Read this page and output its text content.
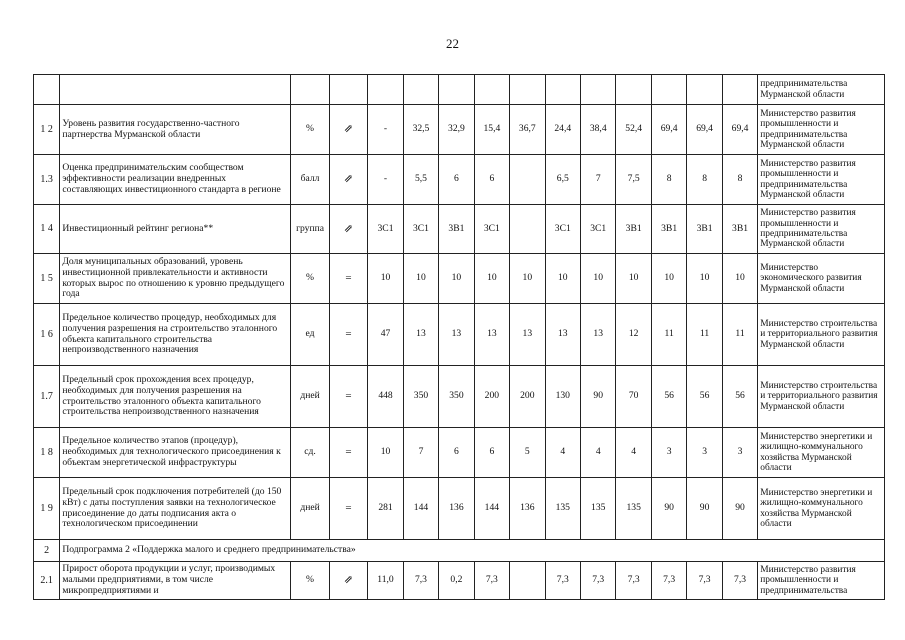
22
															предпринимательства Мурманской области
1 2	Уровень развития государственно-частного партнерства Мурманской области	%	⇗	-	32,5	32,9	15,4	36,7	24,4	38,4	52,4	69,4	69,4	69,4	Министерство развития промышленности и предпринимательства Мурманской области
1.3	Оценка предпринимательским сообществом эффективности реализации внедренных составляющих инвестиционного стандарта в регионе	балл	⇗	-	5,5	6	6		6,5	7	7,5	8	8	8	Министерство развития промышленности и предпринимательства Мурманской области
1 4	Инвестиционный рейтинг региона**	группа	⇗	3С1	3С1	3В1	3С1		3С1	3С1	3В1	3В1	3В1	3В1	Министерство развития промышленности и предпринимательства Мурманской области
1 5	Доля муниципальных образований, уровень инвестиционной привлекательности и активности которых вырос по отношению к уровню предыдущего года	%	=	10	10	10	10	10	10	10	10	10	10	10	Министерство экономического развития Мурманской области
1 6	Предельное количество процедур, необходимых для получения разрешения на строительство эталонного объекта капитального строительства непроизводственного назначения	ед	=	47	13	13	13	13	13	13	12	11	11	11	Министерство строительства и территориального развития Мурманской области
1.7	Предельный срок прохождения всех процедур, необходимых для получения разрешения на строительство эталонного объекта капитального строительства непроизводственного назначения	дней	=	448	350	350	200	200	130	90	70	56	56	56	Министерство строительства и территориального развития Мурманской области
1 8	Предельное количество этапов (процедур), необходимых для технологического присоединения к объектам энергетической инфраструктуры	сд.	=	10	7	6	6	5	4	4	4	3	3	3	Министерство энергетики и жилищно-коммунального хозяйства Мурманской области
1 9	Предельный срок подключения потребителей (до 150 кВт) с даты поступления заявки на технологическое присоединение до даты подписания акта о технологическом присоединении	дней	=	281	144	136	144	136	135	135	135	90	90	90	Министерство энергетики и жилищно-коммунального хозяйства Мурманской области
2	Подпрограмма 2 «Поддержка малого и среднего предпринимательства»														
2.1	Прирост оборота продукции и услуг, производимых малыми предприятиями, в том числе микропредприятиями и	%	⇗	11,0	7,3	0,2	7,3		7,3	7,3	7,3	7,3	7,3	7,3	Министерство развития промышленности и предпринимательства
